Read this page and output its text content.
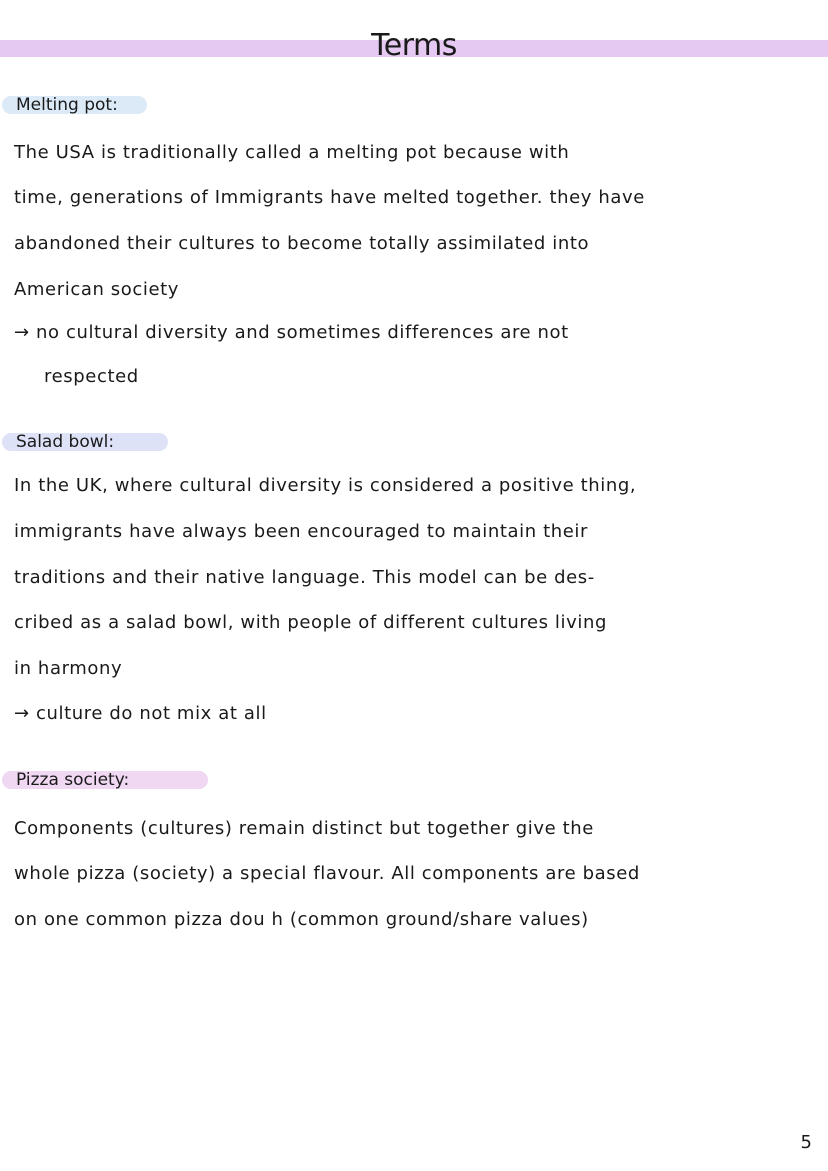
Terms
Melting pot:
The USA is traditionally called a melting pot because with
time, generations of Immigrants have melted together. they have
abandoned their cultures to become totally assimilated into
American society
→ no cultural diversity and sometimes differences are not
respected
Salad bowl:
In the UK, where cultural diversity is considered a positive thing,
immigrants have always been encouraged to maintain their
traditions and their native language. This model can be des-
cribed as a salad bowl, with people of different cultures living
in harmony
→ culture do not mix at all
Pizza society:
Components (cultures) remain distinct but together give the
whole pizza (society) a special flavour. All components are based
on one common pizza dou h (common ground/share values)
5
